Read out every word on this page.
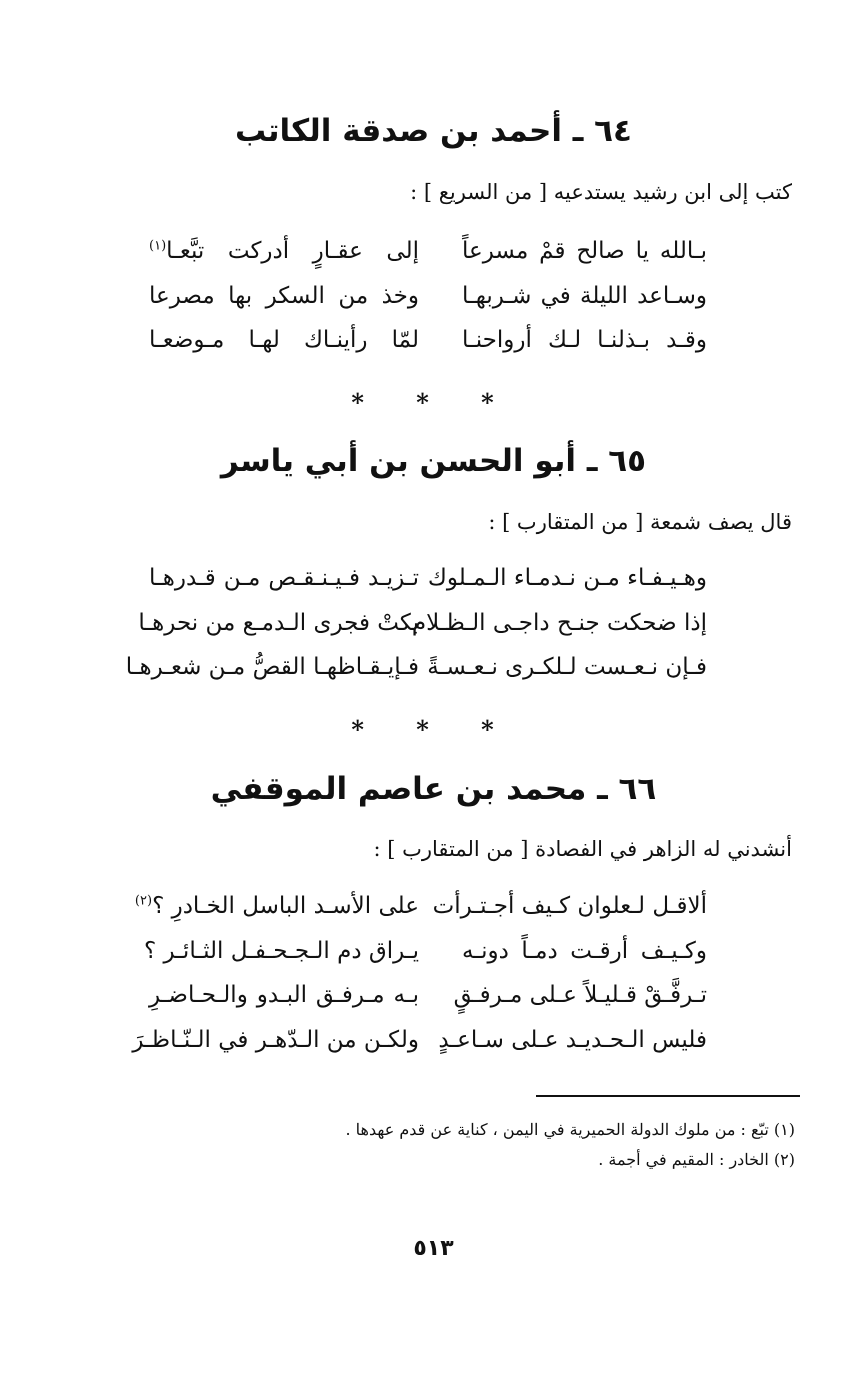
٦٤ ـ أحمد بن صدقة الكاتب
كتب إلى ابن رشيد يستدعيه [ من السريع ] :
بـالله يا صالح قمْ مسرعاً
إلى عقـارٍ أدركت تبَّعـا$^{(١)}$
وسـاعد الليلة في شـربهـا
وخذ من السكر بها مصرعا
وقـد بـذلنـا لـك أرواحنـا
لمّا رأينـاك لهـا مـوضعـا
* * *
٦٥ ـ أبو الحسن بن أبي ياسر
قال يصف شمعة [ من المتقارب ] :
وهـيـفـاء مـن نـدمـاء الـمـلوك
تـزيـد فـيـنـقـص مـن قـدرهـا
إذا ضحكت جنـح داجـى الـظـلام
بكتْ فجرى الـدمـع من نحرهـا
فـإن نـعـست لـلكـرى نـعـسـةً
فـإيـقـاظهـا القصُّ مـن شعـرهـا
* * *
٦٦ ـ محمد بن عاصم الموقفي
أنشدني له الزاهر في الفصادة [ من المتقارب ] :
ألاقـل لـعلوان كـيف أجـتـرأت
على الأسـد الباسل الخـادرِ ؟$^{(٢)}$
وكـيـف أرقـت دمـاً دونـه
يـراق دم الـجـحـفـل الثـائـر ؟
تـرفَّـقْ قـليـلاً عـلى مـرفـقٍ
بـه مـرفـق البـدو والـحـاضـرِ
فليس الـحـديـد عـلى سـاعـدٍ
ولكـن من الـدّهـر في الـنّـاظـرَ
(١) تبّع : من ملوك الدولة الحميرية في اليمن ، كناية عن قدم عهدها .
(٢) الخادر : المقيم في أجمة .
٥١٣
